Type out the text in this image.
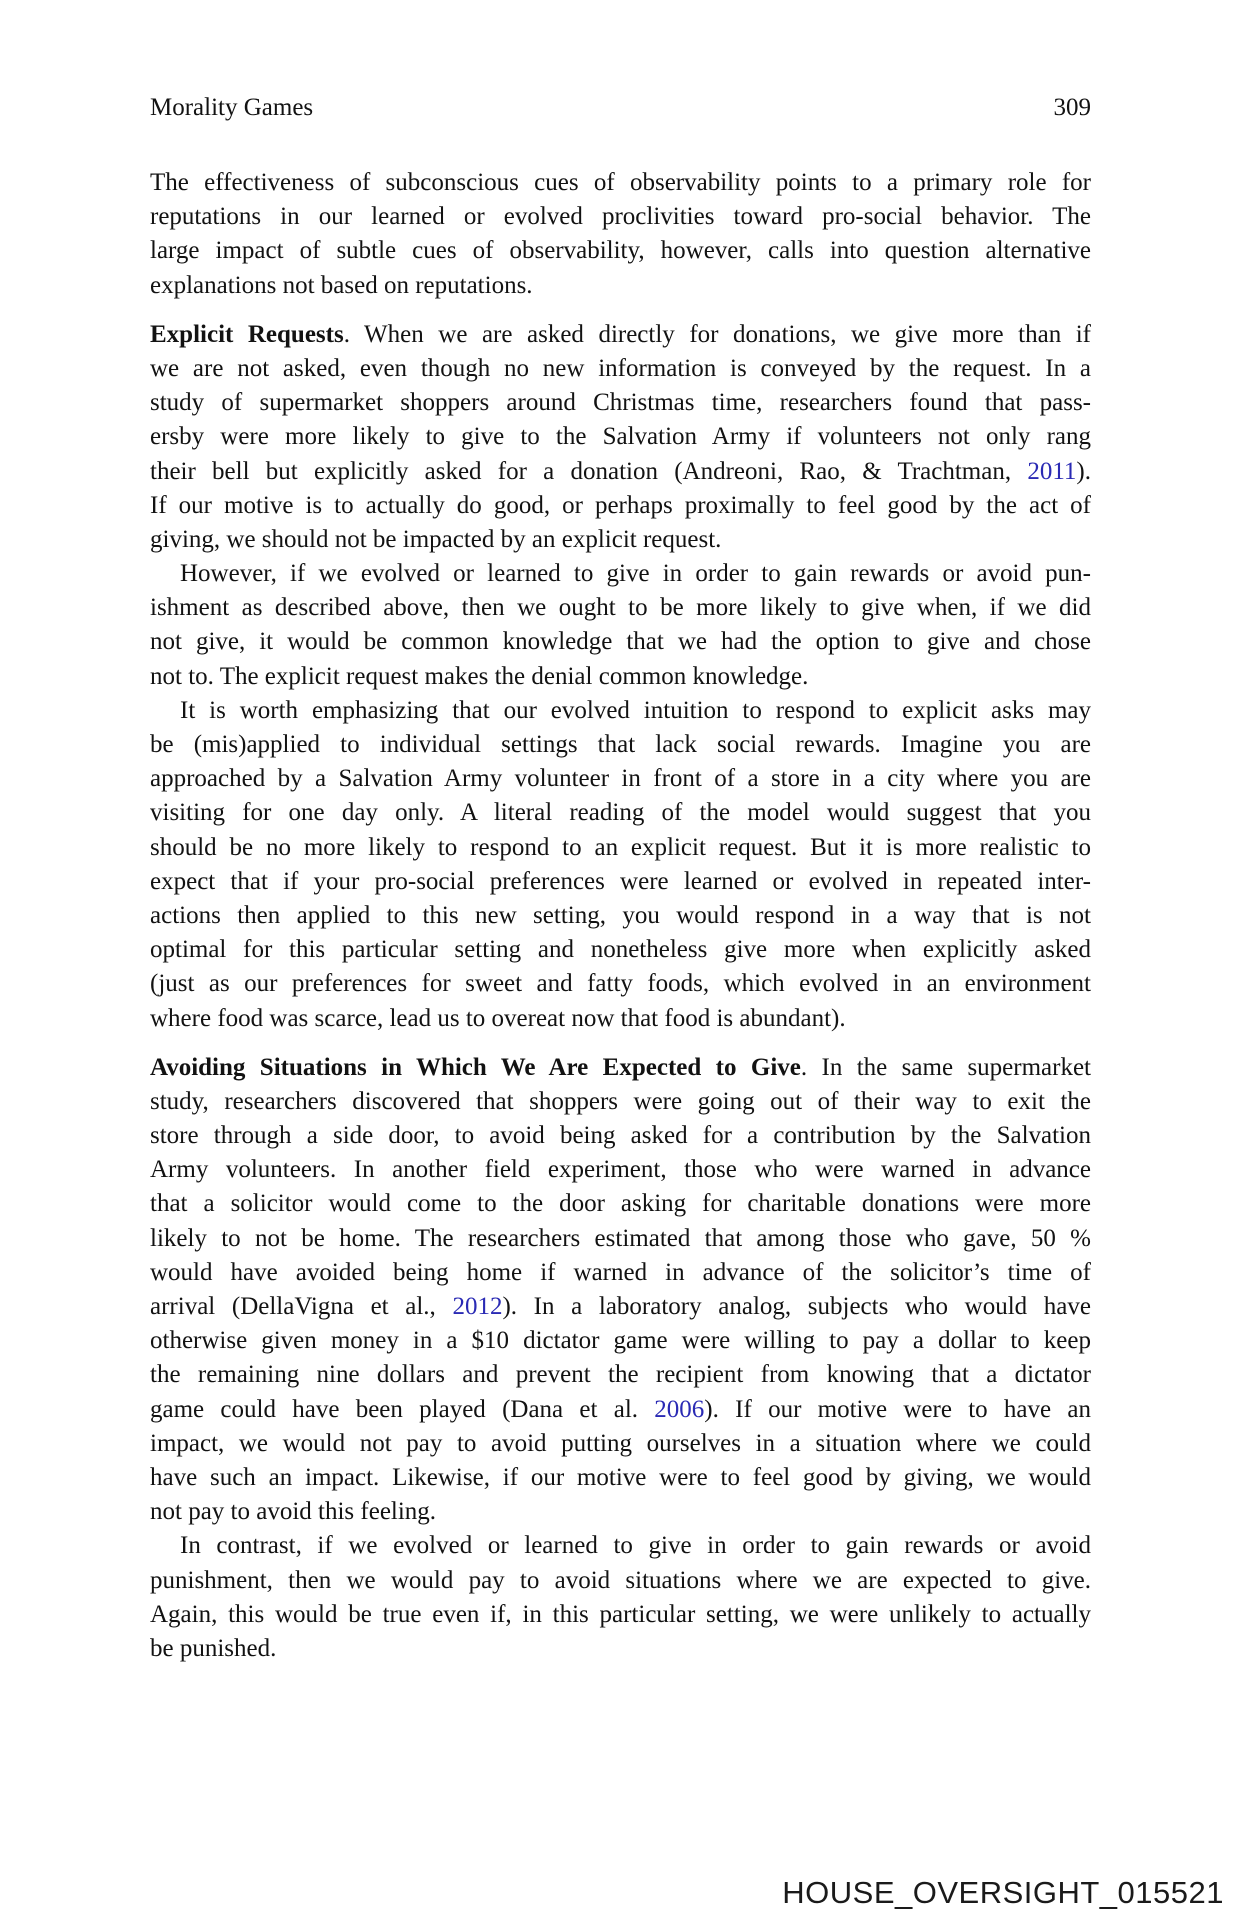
Morality Games	309
The effectiveness of subconscious cues of observability points to a primary role for
reputations in our learned or evolved proclivities toward pro-social behavior. The
large impact of subtle cues of observability, however, calls into question alternative
explanations not based on reputations.
Explicit Requests. When we are asked directly for donations, we give more than if
we are not asked, even though no new information is conveyed by the request. In a
study of supermarket shoppers around Christmas time, researchers found that pass-
ersby were more likely to give to the Salvation Army if volunteers not only rang
their bell but explicitly asked for a donation (Andreoni, Rao, & Trachtman, 2011).
If our motive is to actually do good, or perhaps proximally to feel good by the act of
giving, we should not be impacted by an explicit request.
However, if we evolved or learned to give in order to gain rewards or avoid pun-
ishment as described above, then we ought to be more likely to give when, if we did
not give, it would be common knowledge that we had the option to give and chose
not to. The explicit request makes the denial common knowledge.
It is worth emphasizing that our evolved intuition to respond to explicit asks may
be (mis)applied to individual settings that lack social rewards. Imagine you are
approached by a Salvation Army volunteer in front of a store in a city where you are
visiting for one day only. A literal reading of the model would suggest that you
should be no more likely to respond to an explicit request. But it is more realistic to
expect that if your pro-social preferences were learned or evolved in repeated inter-
actions then applied to this new setting, you would respond in a way that is not
optimal for this particular setting and nonetheless give more when explicitly asked
(just as our preferences for sweet and fatty foods, which evolved in an environment
where food was scarce, lead us to overeat now that food is abundant).
Avoiding Situations in Which We Are Expected to Give. In the same supermarket
study, researchers discovered that shoppers were going out of their way to exit the
store through a side door, to avoid being asked for a contribution by the Salvation
Army volunteers. In another field experiment, those who were warned in advance
that a solicitor would come to the door asking for charitable donations were more
likely to not be home. The researchers estimated that among those who gave, 50 %
would have avoided being home if warned in advance of the solicitor’s time of
arrival (DellaVigna et al., 2012). In a laboratory analog, subjects who would have
otherwise given money in a $10 dictator game were willing to pay a dollar to keep
the remaining nine dollars and prevent the recipient from knowing that a dictator
game could have been played (Dana et al. 2006). If our motive were to have an
impact, we would not pay to avoid putting ourselves in a situation where we could
have such an impact. Likewise, if our motive were to feel good by giving, we would
not pay to avoid this feeling.
In contrast, if we evolved or learned to give in order to gain rewards or avoid
punishment, then we would pay to avoid situations where we are expected to give.
Again, this would be true even if, in this particular setting, we were unlikely to actually
be punished.
HOUSE_OVERSIGHT_015521
